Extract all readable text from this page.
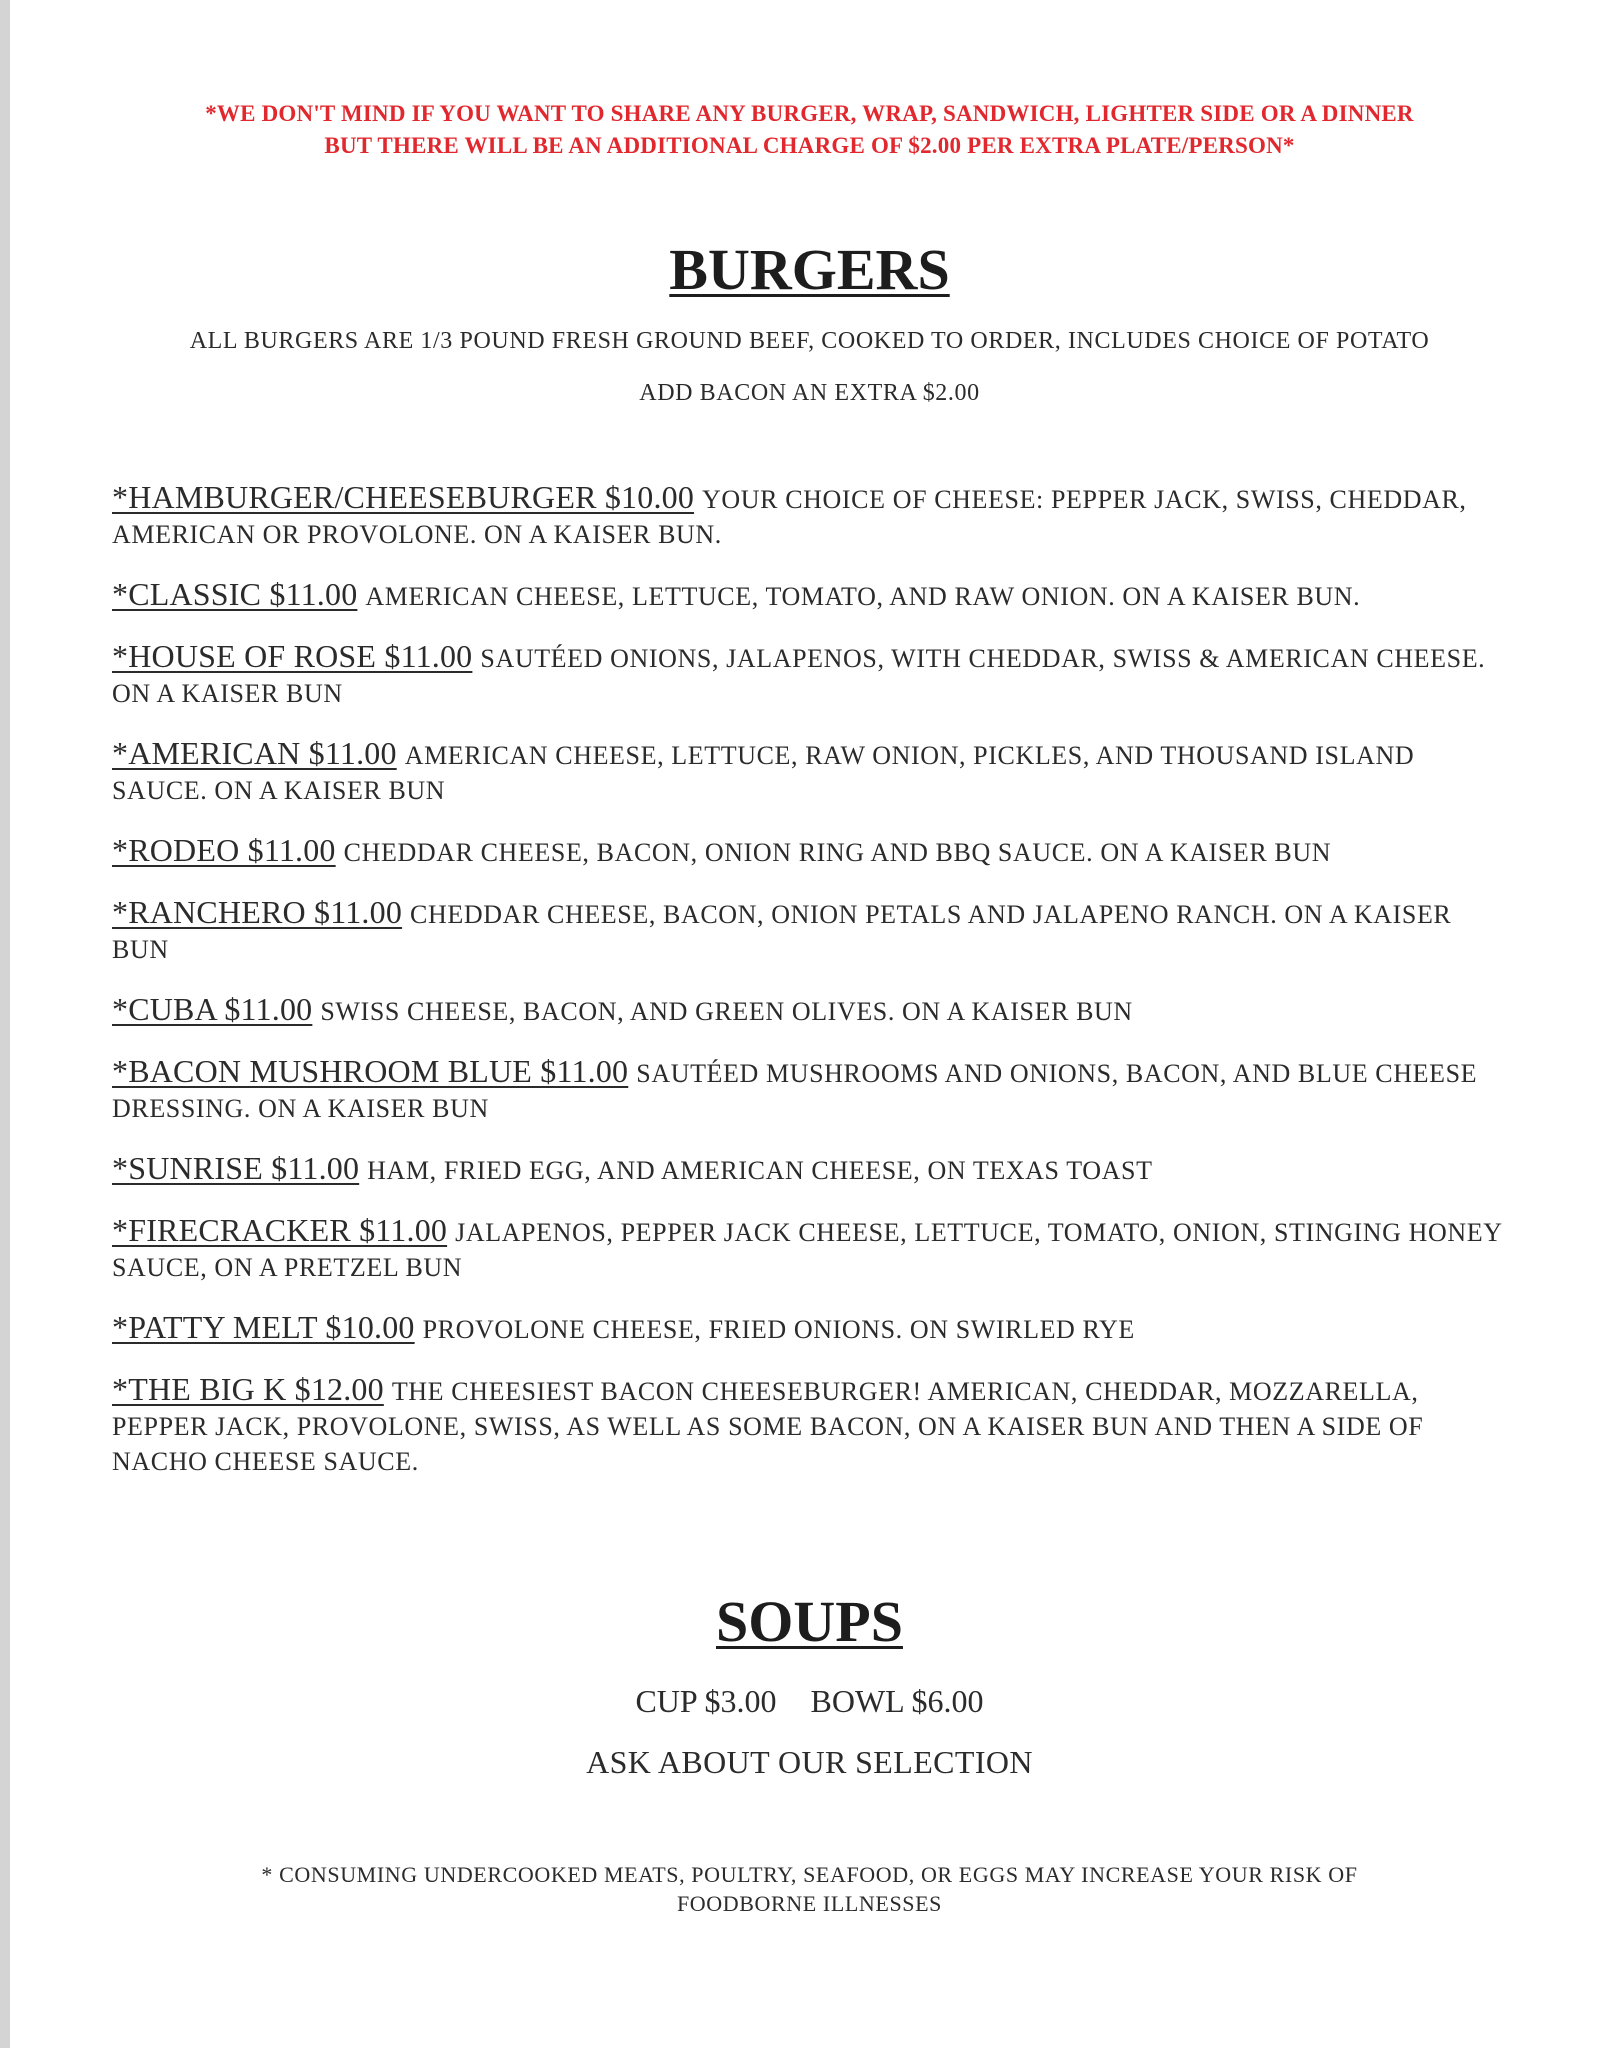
*WE DON'T MIND IF YOU WANT TO SHARE ANY BURGER, WRAP, SANDWICH, LIGHTER SIDE OR A DINNER
BUT THERE WILL BE AN ADDITIONAL CHARGE OF $2.00 PER EXTRA PLATE/PERSON*
BURGERS
ALL BURGERS ARE 1/3 POUND FRESH GROUND BEEF, COOKED TO ORDER, INCLUDES CHOICE OF POTATO
ADD BACON AN EXTRA $2.00
*HAMBURGER/CHEESEBURGER $10.00 YOUR CHOICE OF CHEESE: PEPPER JACK, SWISS, CHEDDAR, AMERICAN OR PROVOLONE. ON A KAISER BUN.
*CLASSIC $11.00 AMERICAN CHEESE, LETTUCE, TOMATO, AND RAW ONION. ON A KAISER BUN.
*HOUSE OF ROSE $11.00 SAUTÉED ONIONS, JALAPENOS, WITH CHEDDAR, SWISS & AMERICAN CHEESE. ON A KAISER BUN
*AMERICAN $11.00 AMERICAN CHEESE, LETTUCE, RAW ONION, PICKLES, AND THOUSAND ISLAND SAUCE. ON A KAISER BUN
*RODEO $11.00 CHEDDAR CHEESE, BACON, ONION RING AND BBQ SAUCE. ON A KAISER BUN
*RANCHERO $11.00 CHEDDAR CHEESE, BACON, ONION PETALS AND JALAPENO RANCH. ON A KAISER BUN
*CUBA $11.00 SWISS CHEESE, BACON, AND GREEN OLIVES. ON A KAISER BUN
*BACON MUSHROOM BLUE $11.00 SAUTÉED MUSHROOMS AND ONIONS, BACON, AND BLUE CHEESE DRESSING. ON A KAISER BUN
*SUNRISE $11.00 HAM, FRIED EGG, AND AMERICAN CHEESE, ON TEXAS TOAST
*FIRECRACKER $11.00 JALAPENOS, PEPPER JACK CHEESE, LETTUCE, TOMATO, ONION, STINGING HONEY SAUCE, ON A PRETZEL BUN
*PATTY MELT $10.00 PROVOLONE CHEESE, FRIED ONIONS. ON SWIRLED RYE
*THE BIG K $12.00 THE CHEESIEST BACON CHEESEBURGER! AMERICAN, CHEDDAR, MOZZARELLA, PEPPER JACK, PROVOLONE, SWISS, AS WELL AS SOME BACON, ON A KAISER BUN AND THEN A SIDE OF NACHO CHEESE SAUCE.
SOUPS
CUP $3.00 BOWL $6.00
ASK ABOUT OUR SELECTION
* CONSUMING UNDERCOOKED MEATS, POULTRY, SEAFOOD, OR EGGS MAY INCREASE YOUR RISK OF
FOODBORNE ILLNESSES
